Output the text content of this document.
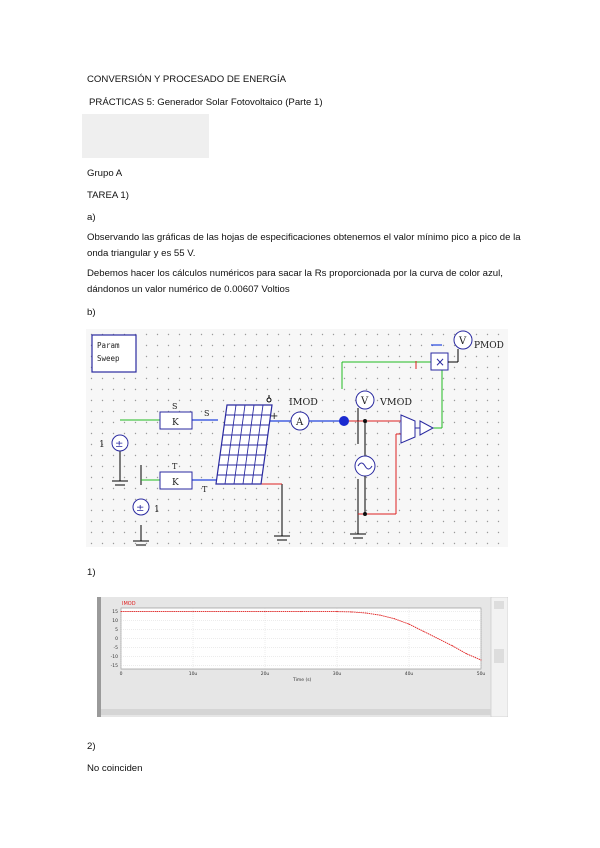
CONVERSIÓN Y PROCESADO DE ENERGÍA
PRÁCTICAS 5: Generador Solar Fotovoltaico (Parte 1)
Grupo A
TAREA 1)
a)
Observando las gráficas de las hojas de especificaciones obtenemos el valor mínimo pico a pico de la onda triangular y es 55 V.
Debemos hacer los cálculos numéricos para sacar la Rs proporcionada por la curva de color azul, dándonos un valor numérico de 0.00607 Voltios
b)
Param
Sweep
±
1
± 1
K
S
S
K
T
T
+
A
IMOD	V VMOD
×
V PMOD
1)
15
10
5
0
-5
-10
-15
0	10u	20u	30u	40u	50u
IMOD
Time (s)
2)
No coinciden
